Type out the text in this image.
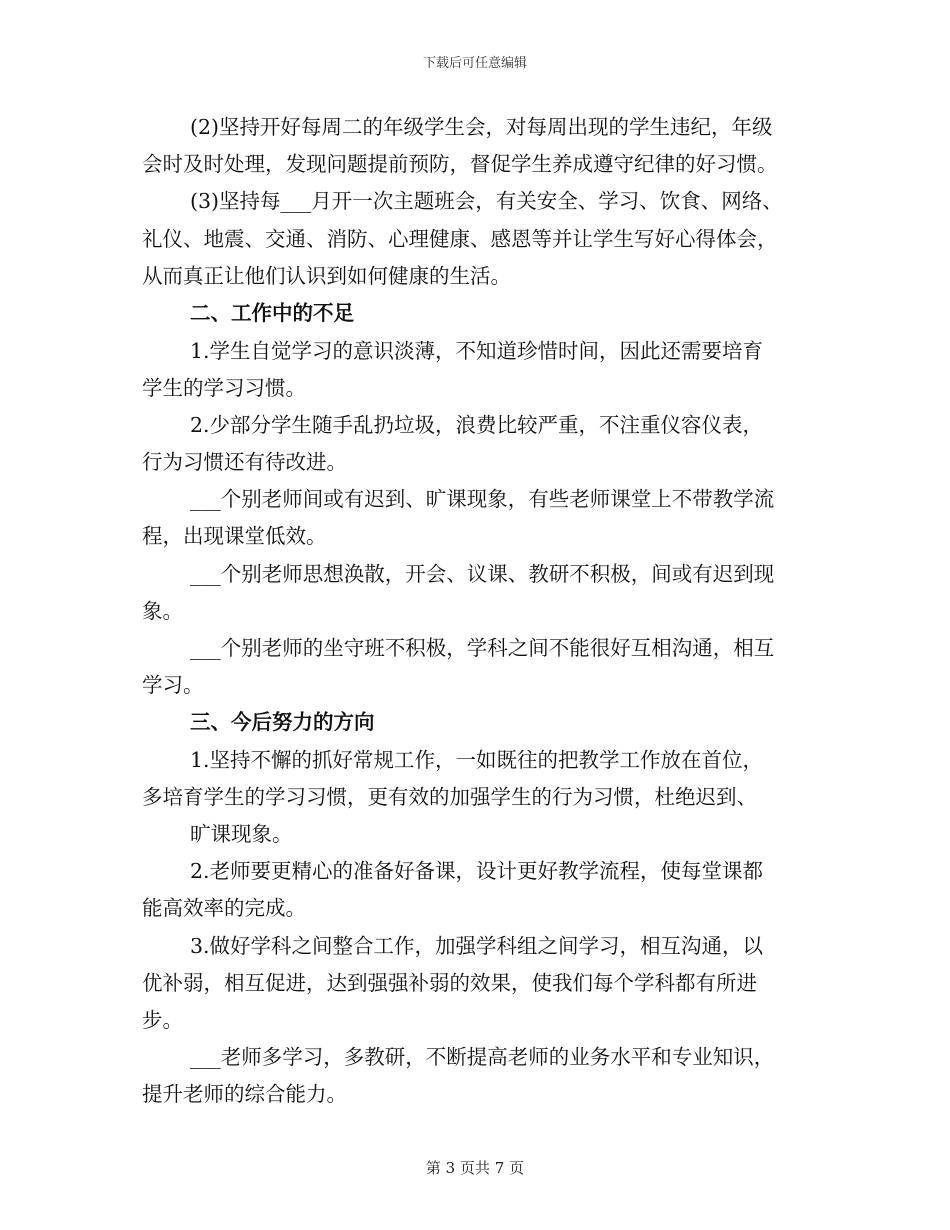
下载后可任意编辑
(2)坚持开好每周二的年级学生会，对每周出现的学生违纪，年级
会时及时处理，发现问题提前预防，督促学生养成遵守纪律的好习惯。
(3)坚持每___月开一次主题班会，有关安全、学习、饮食、网络、
礼仪、地震、交通、消防、心理健康、感恩等并让学生写好心得体会，
从而真正让他们认识到如何健康的生活。
二、工作中的不足
1.学生自觉学习的意识淡薄，不知道珍惜时间，因此还需要培育
学生的学习习惯。
2.少部分学生随手乱扔垃圾，浪费比较严重，不注重仪容仪表，
行为习惯还有待改进。
___个别老师间或有迟到、旷课现象，有些老师课堂上不带教学流
程，出现课堂低效。
___个别老师思想涣散，开会、议课、教研不积极，间或有迟到现
象。
___个别老师的坐守班不积极，学科之间不能很好互相沟通，相互
学习。
三、今后努力的方向
1.坚持不懈的抓好常规工作，一如既往的把教学工作放在首位，
多培育学生的学习习惯，更有效的加强学生的行为习惯，杜绝迟到、
旷课现象。
2.老师要更精心的准备好备课，设计更好教学流程，使每堂课都
能高效率的完成。
3.做好学科之间整合工作，加强学科组之间学习，相互沟通，以
优补弱，相互促进，达到强强补弱的效果，使我们每个学科都有所进
步。
___老师多学习，多教研，不断提高老师的业务水平和专业知识，
提升老师的综合能力。
第 3 页共 7 页
